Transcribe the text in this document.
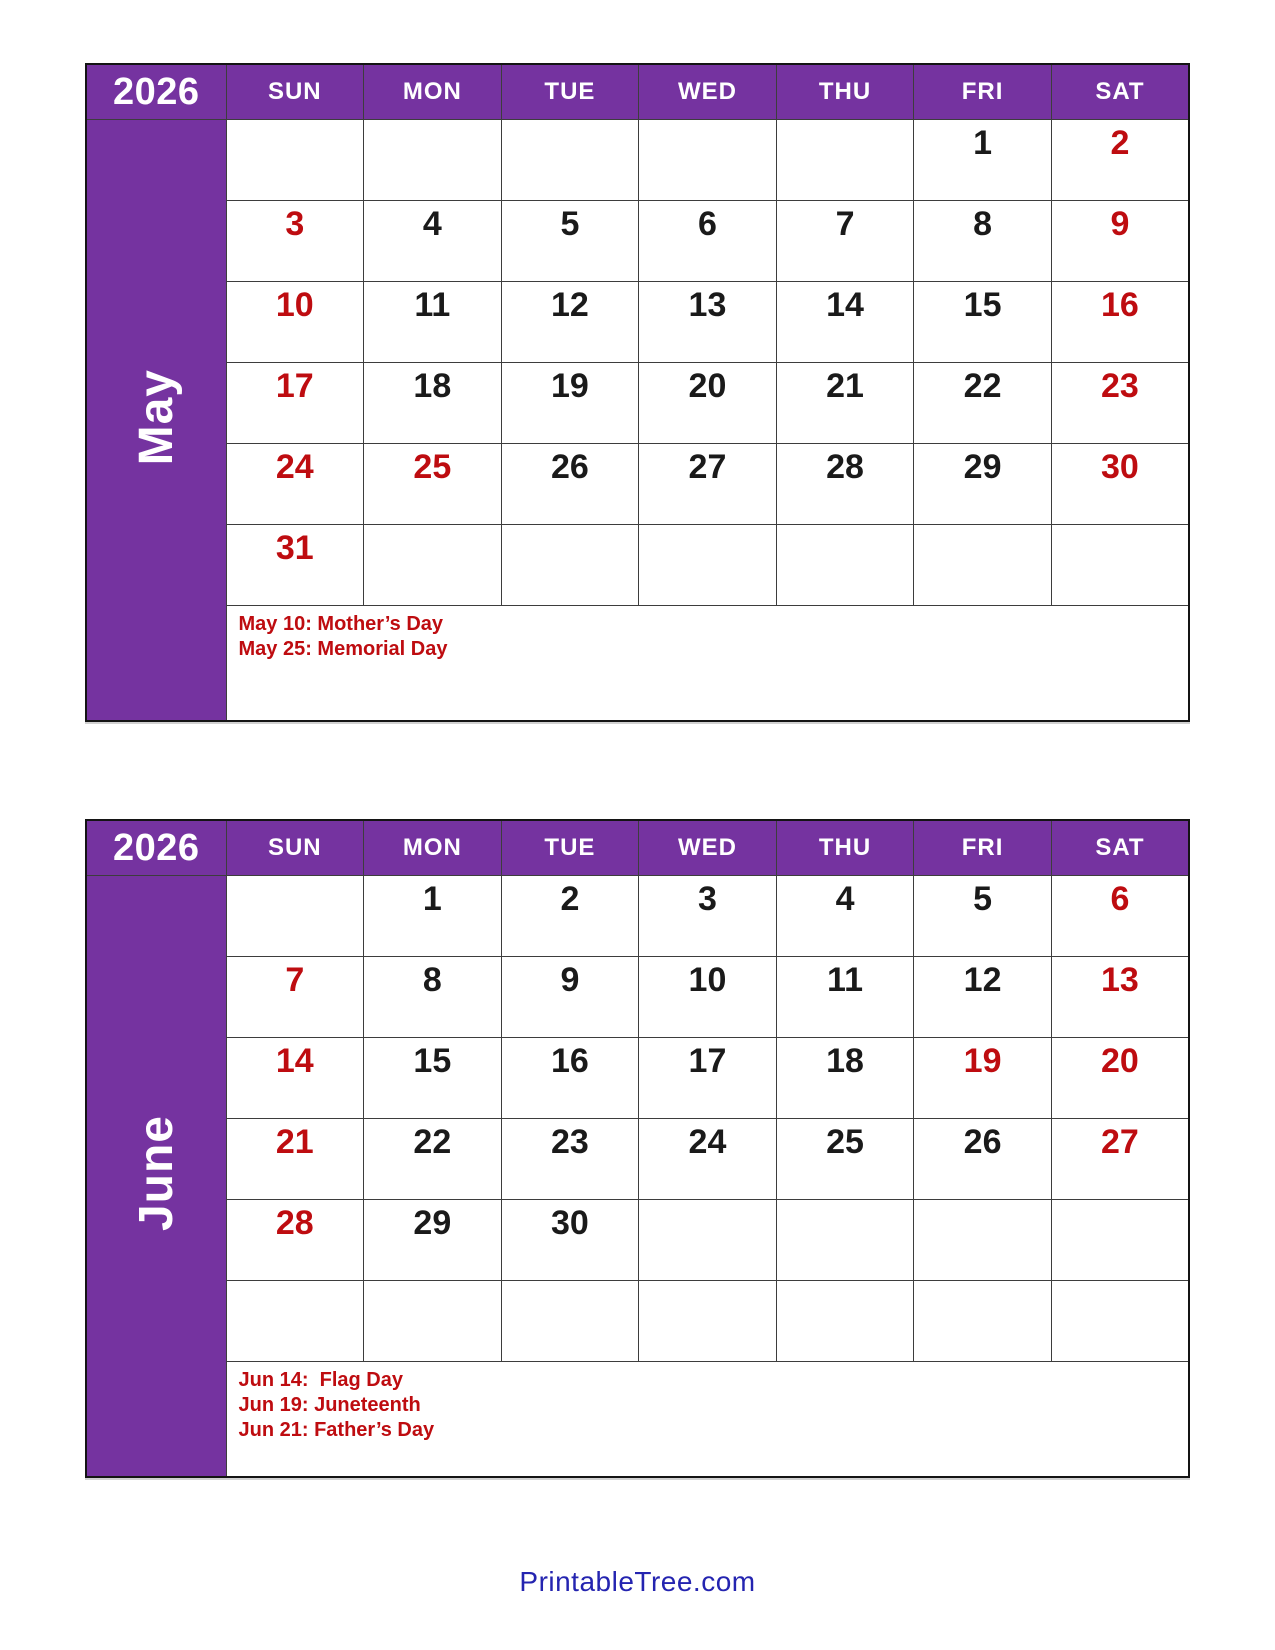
2026	SUN	MON	TUE	WED	THU	FRI	SAT
May						1	2
	3	4	5	6	7	8	9
	10	11	12	13	14	15	16
	17	18	19	20	21	22	23
	24	25	26	27	28	29	30
	31						

	May 10: Mother’s Day
May 25: Memorial Day						
2026	SUN	MON	TUE	WED	THU	FRI	SAT
June		1	2	3	4	5	6
	7	8	9	10	11	12	13
	14	15	16	17	18	19	20
	21	22	23	24	25	26	27
	28	29	30				

	Jun 14:  Flag Day
Jun 19: Juneteenth
Jun 21: Father’s Day						
PrintableTree.com
